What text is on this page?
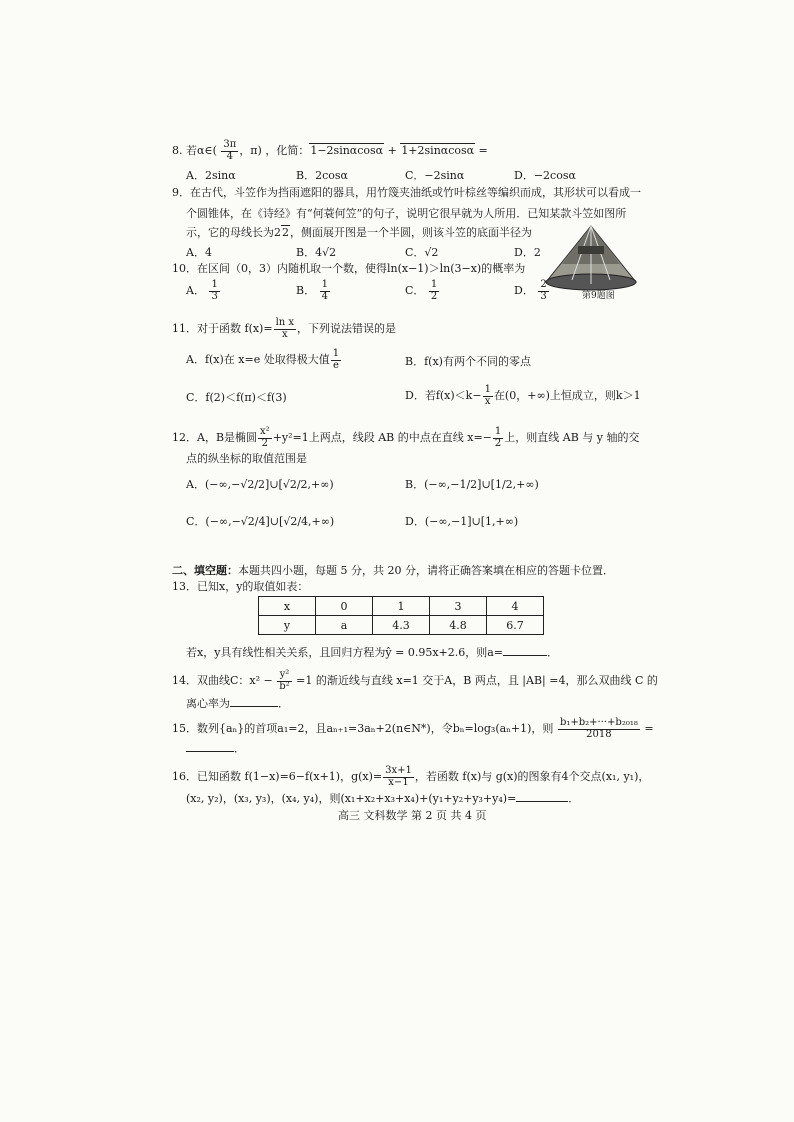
8. 若α∈( $\frac{3\pi}{4}$ ，π) ，化简：1−2sinαcosα + 1+2sinαcosα =
A．2sinα	B．2cosα	C．−2sinα	D．−2cosα
9．在古代，斗笠作为挡雨遮阳的器具，用竹篾夹油纸或竹叶棕丝等编织而成，其形状可以看成一
个圆锥体，在《诗经》有“何蓑何笠”的句子，说明它很早就为人所用．已知某款斗笠如图所
示，它的母线长为22，侧面展开图是一个半圆，则该斗笠的底面半径为
A．4	B．4√2	C．√2	D．2
第9题图
10．在区间（0，3）内随机取一个数，使得ln(x−1)＞ln(3−x)的概率为
A． $\frac{1}{3}$	B． $\frac{1}{4}$	C． $\frac{1}{2}$	D． $\frac{2}{3}$
11．对于函数 $f(x)= \frac{\text{ln x}}{x}$ ，下列说法错误的是
A．f(x)在 x=e 处取得极大值 $\frac{1}{e}$	B．f(x)有两个不同的零点
C．f(2)＜f(π)＜f(3)	D．若$f(x)<k- \frac{1}{x}$ 在(0，+∞)上恒成立，则k＞1
12．A，B是椭圆 $\frac{\text{x²}}{2} +y^2=1$上两点，线段 AB 的中点在直线 $x=- \frac{1}{2}$ 上，则直线 AB 与 y 轴的交
点的纵坐标的取值范围是
A．(−∞,−√2/2]∪[√2/2,+∞)	B．(−∞,−1/2]∪[1/2,+∞)
C．(−∞,−√2/4]∪[√2/4,+∞)	D．(−∞,−1]∪[1,+∞)
二、填空题：本题共四小题，每题 5 分，共 20 分，请将正确答案填在相应的答题卡位置．
13．已知x，y的取值如表：
x	0	1	3	4
y	a	4.3	4.8	6.7
若x，y具有线性相关关系，且回归方程为ŷ = 0.95x+2.6，则a=	．
14．双曲线C：$x^2 - \frac{\text{y²}}{\text{b²}} =1$ 的渐近线与直线 x=1 交于A，B 两点，且 |AB| =4，那么双曲线 C 的
离心率为	．
15．数列{aₙ}的首项a₁=2，且aₙ₊₁=3aₙ+2(n∈N*)，令bₙ=log₃(aₙ+1)，则 $\frac{\text{b₁+b₂+···+b₂₀₁₈}}{2018}$ =
．
16．已知函数 f(1−x)=6−f(x+1)，$g(x)= \frac{3x+1}{x-1}$ ，若函数 f(x)与 g(x)的图象有4个交点(x₁, y₁)，
(x₂, y₂)，(x₃, y₃)，(x₄, y₄)，则(x₁+x₂+x₃+x₄)+(y₁+y₂+y₃+y₄)=	．
高三 文科数学 第 2 页 共 4 页
